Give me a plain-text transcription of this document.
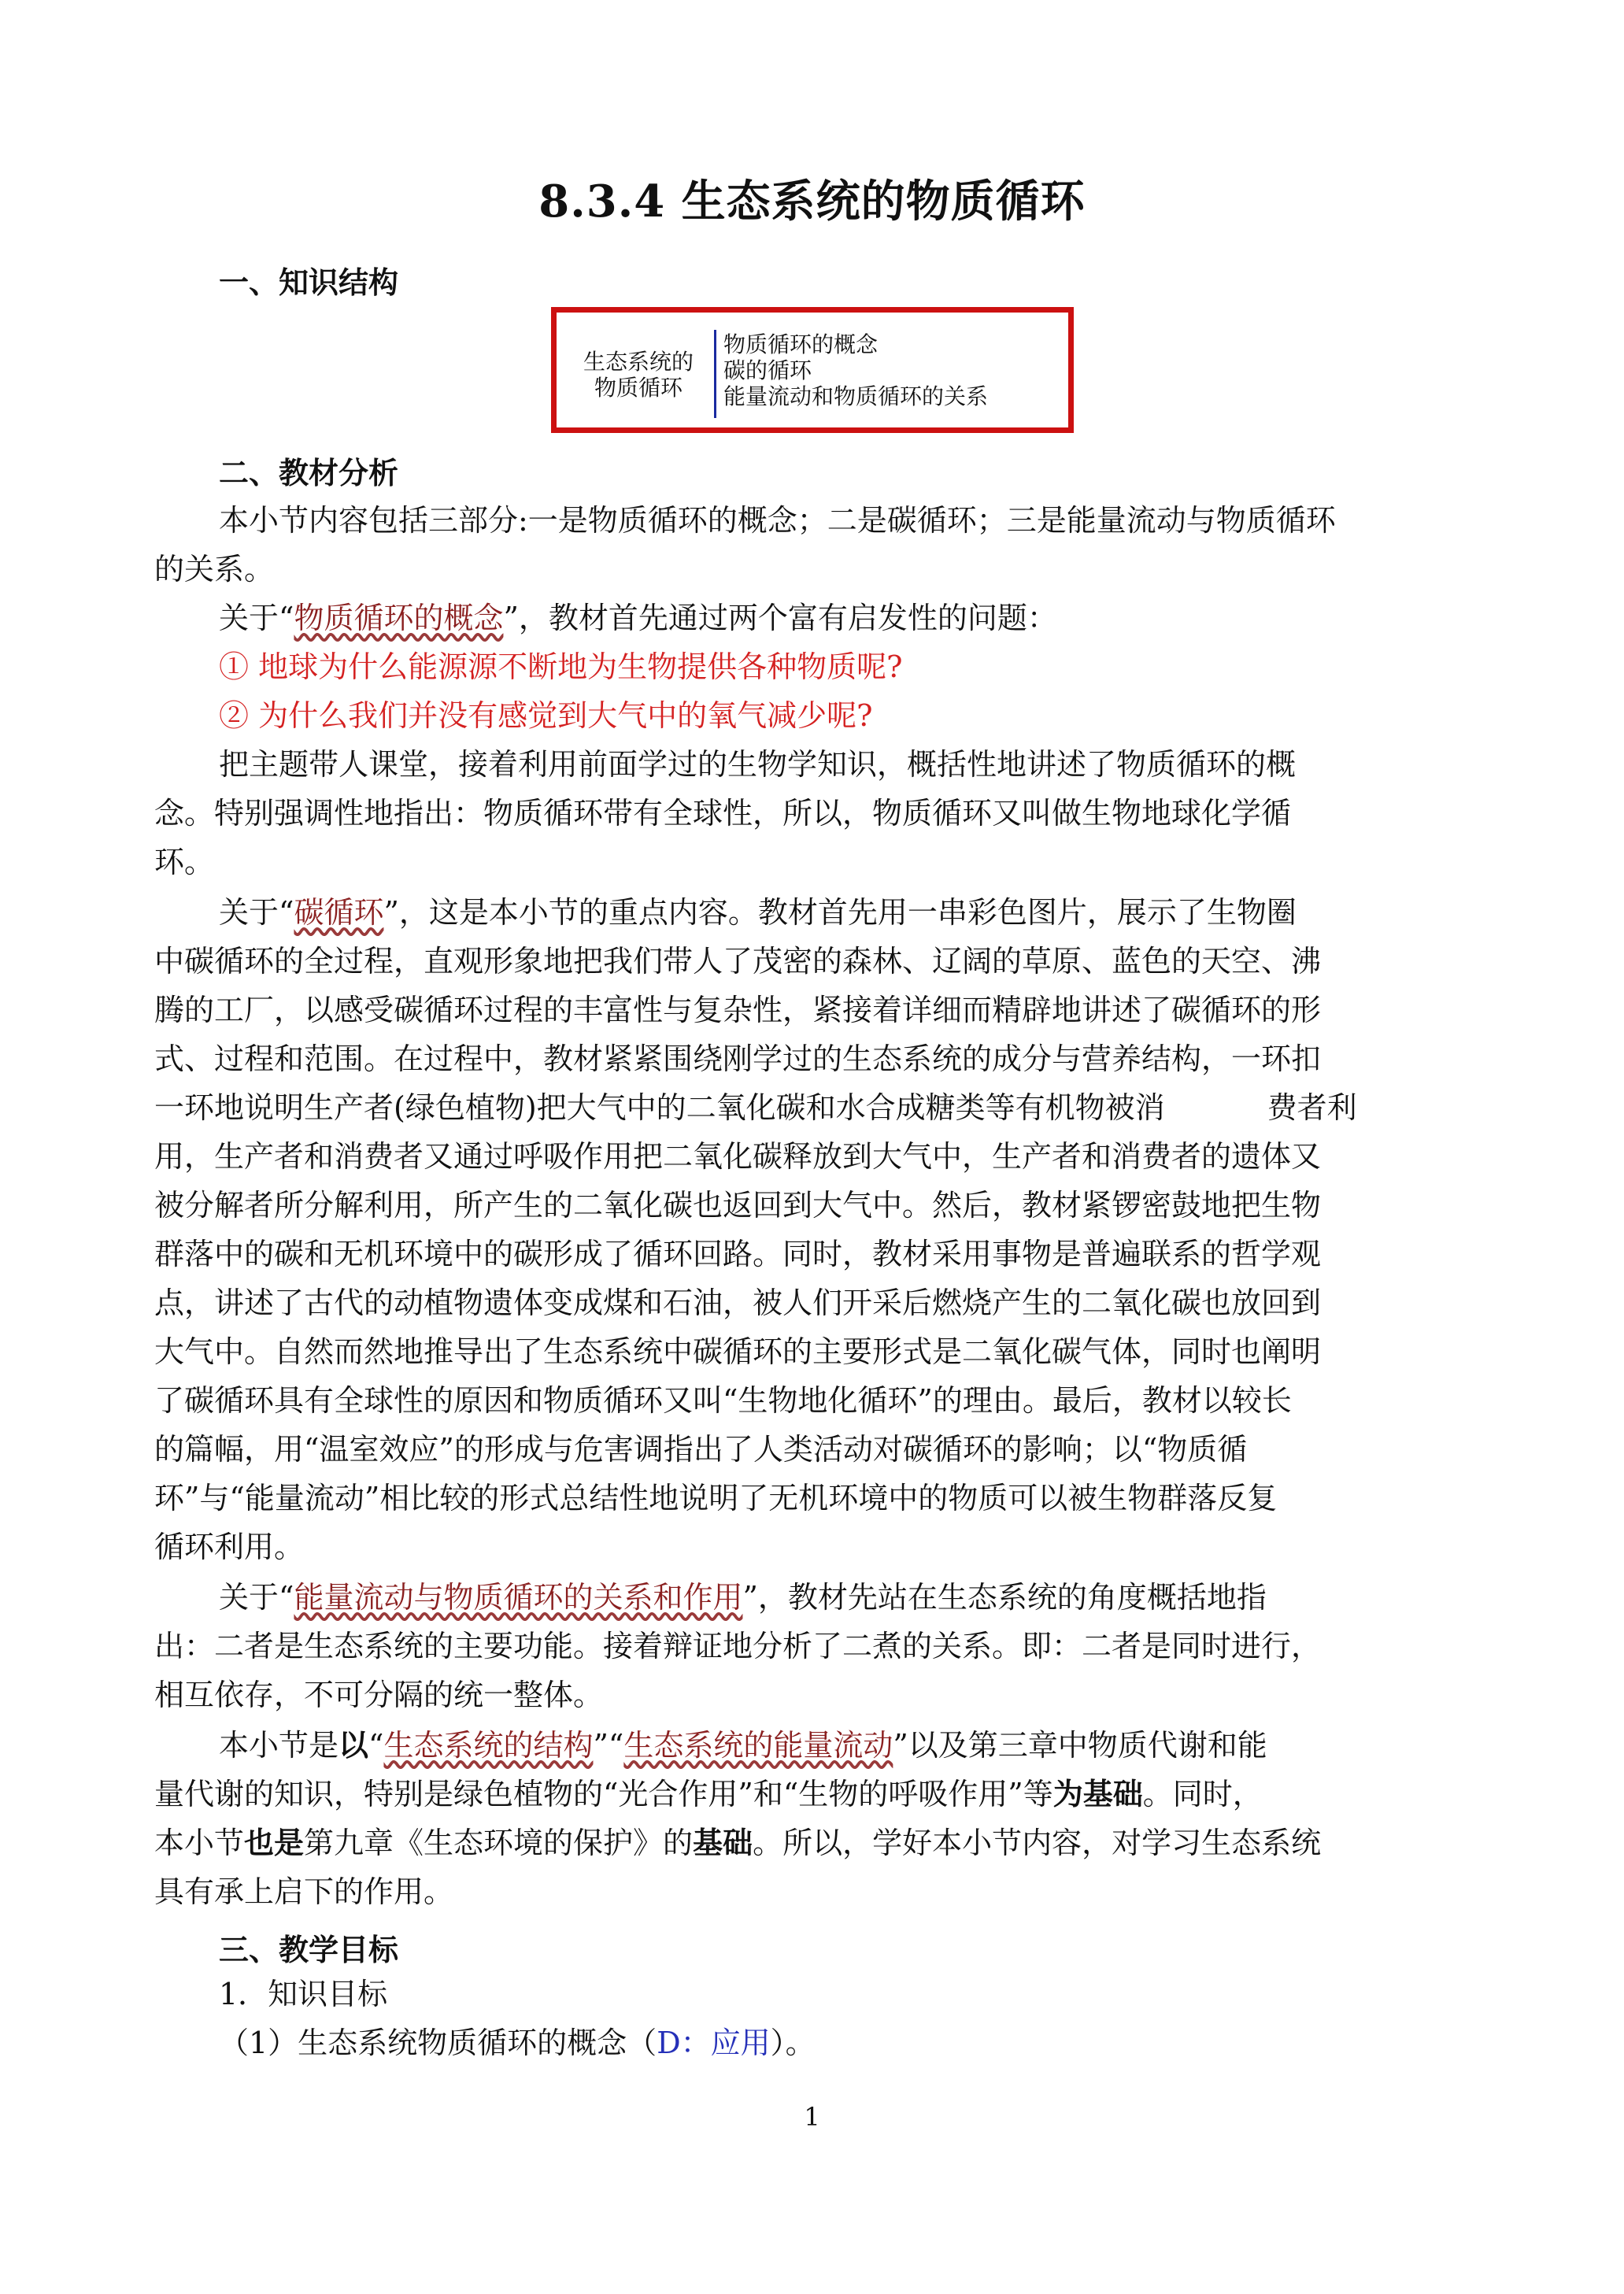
8.3.4 生态系统的物质循环
一、知识结构
生态系统的
物质循环
物质循环的概念
碳的循环
能量流动和物质循环的关系
二、教材分析
本小节内容包括三部分:一是物质循环的概念；二是碳循环；三是能量流动与物质循环
的关系。
关于“物质循环的概念”，教材首先通过两个富有启发性的问题：
① 地球为什么能源源不断地为生物提供各种物质呢?
② 为什么我们并没有感觉到大气中的氧气减少呢?
把主题带人课堂，接着利用前面学过的生物学知识，概括性地讲述了物质循环的概
念。特别强调性地指出：物质循环带有全球性，所以，物质循环又叫做生物地球化学循
环。
关于“碳循环”，这是本小节的重点内容。教材首先用一串彩色图片，展示了生物圈
中碳循环的全过程，直观形象地把我们带人了茂密的森林、辽阔的草原、蓝色的天空、沸
腾的工厂，以感受碳循环过程的丰富性与复杂性，紧接着详细而精辟地讲述了碳循环的形
式、过程和范围。在过程中，教材紧紧围绕刚学过的生态系统的成分与营养结构，一环扣
一环地说明生产者(绿色植物)把大气中的二氧化碳和水合成糖类等有机物被消	费者利
用，生产者和消费者又通过呼吸作用把二氧化碳释放到大气中，生产者和消费者的遗体又
被分解者所分解利用，所产生的二氧化碳也返回到大气中。然后，教材紧锣密鼓地把生物
群落中的碳和无机环境中的碳形成了循环回路。同时，教材采用事物是普遍联系的哲学观
点，讲述了古代的动植物遗体变成煤和石油，被人们开采后燃烧产生的二氧化碳也放回到
大气中。自然而然地推导出了生态系统中碳循环的主要形式是二氧化碳气体，同时也阐明
了碳循环具有全球性的原因和物质循环又叫“生物地化循环”的理由。最后，教材以较长
的篇幅，用“温室效应”的形成与危害调指出了人类活动对碳循环的影响；以“物质循
环”与“能量流动”相比较的形式总结性地说明了无机环境中的物质可以被生物群落反复
循环利用。
关于“能量流动与物质循环的关系和作用”，教材先站在生态系统的角度概括地指
出：二者是生态系统的主要功能。接着辩证地分析了二煮的关系。即：二者是同时进行，
相互依存，不可分隔的统一整体。
本小节是以“生态系统的结构”“生态系统的能量流动”以及第三章中物质代谢和能
量代谢的知识，特别是绿色植物的“光合作用”和“生物的呼吸作用”等为基础。同时，
本小节也是第九章《生态环境的保护》的基础。所以，学好本小节内容，对学习生态系统
具有承上启下的作用。
三、教学目标
1．知识目标
（1）生态系统物质循环的概念（D：应用）。
1
